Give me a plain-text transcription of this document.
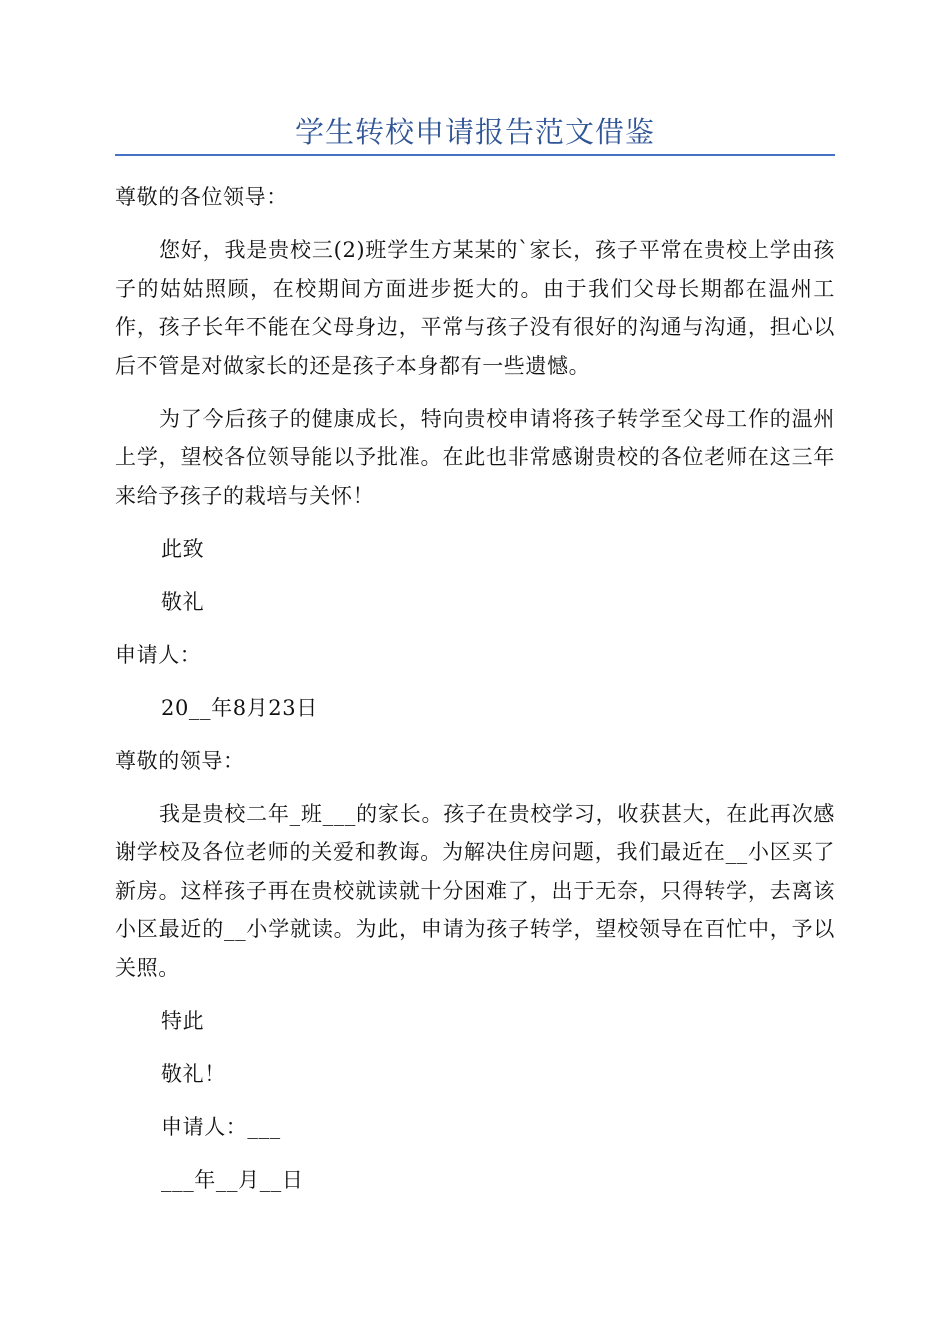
学生转校申请报告范文借鉴

尊敬的各位领导：

您好，我是贵校三(2)班学生方某某的`家长，孩子平常在贵校上学由孩子的姑姑照顾，在校期间方面进步挺大的。由于我们父母长期都在温州工作，孩子长年不能在父母身边，平常与孩子没有很好的沟通与沟通，担心以后不管是对做家长的还是孩子本身都有一些遗憾。

为了今后孩子的健康成长，特向贵校申请将孩子转学至父母工作的温州上学，望校各位领导能以予批准。在此也非常感谢贵校的各位老师在这三年来给予孩子的栽培与关怀！

此致

敬礼

申请人：

20__年8月23日

尊敬的领导：

我是贵校二年_班___的家长。孩子在贵校学习，收获甚大，在此再次感谢学校及各位老师的关爱和教诲。为解决住房问题，我们最近在__小区买了新房。这样孩子再在贵校就读就十分困难了，出于无奈，只得转学，去离该小区最近的__小学就读。为此，申请为孩子转学，望校领导在百忙中，予以关照。

特此

敬礼！

申请人：___

___年__月__日
